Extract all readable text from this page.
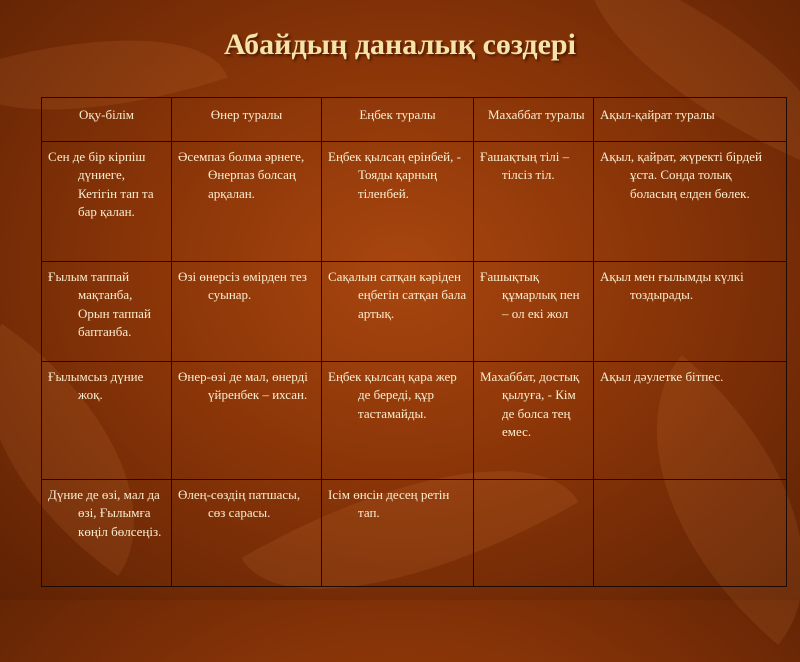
Абайдың даналық сөздері
Оқу-білім	Өнер туралы	Еңбек туралы	Махаббат туралы	Ақыл-қайрат туралы
Сен де бір кірпіш дүниеге, Кетігін тап та бар қалан.	Әсемпаз болма әрнеге, Өнерпаз болсаң арқалан.	Еңбек қылсаң ерінбей, - Тояды қарның тіленбей.	Ғашақтың тілі – тілсіз тіл.	Ақыл, қайрат, жүректі бірдей ұста. Сонда толық боласың елден бөлек.
Ғылым таппай мақтанба, Орын таппай баптанба.	Өзі өнерсіз өмірден тез суынар.	Сақалын сатқан кәріден еңбегін сатқан бала артық.	Ғашықтық құмарлық пен – ол екі жол	Ақыл мен ғылымды күлкі тоздырады.
Ғылымсыз дүние жоқ.	Өнер-өзі де мал, өнерді үйренбек – ихсан.	Еңбек қылсаң қара жер де береді, құр тастамайды.	Махаббат, достық қылуға, - Кім де болса тең емес.	Ақыл дәулетке бітпес.
Дүние де өзі, мал да өзі, Ғылымға көңіл бөлсеңіз.	Өлең-сөздің патшасы, сөз сарасы.	Ісім өнсін десең ретін тап.		
